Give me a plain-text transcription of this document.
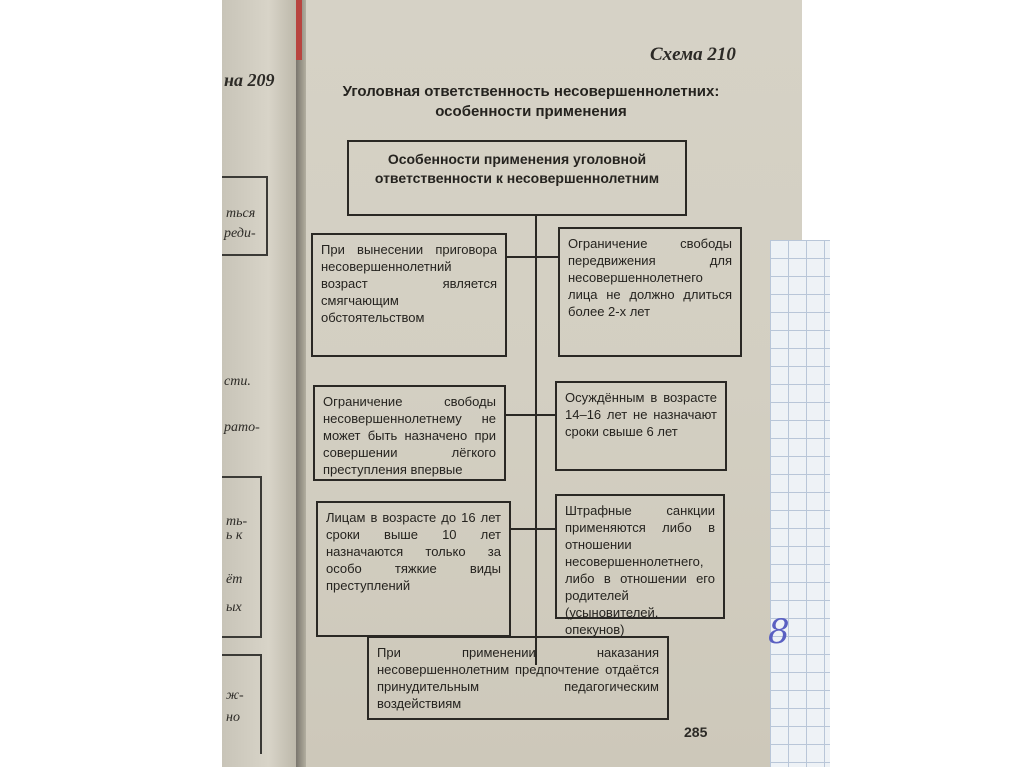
8
на 209
ться
реди-
сти.
рато-
ть-
ь к
ёт
ых
ж-
но
Схема 210
Уголовная ответственность несовершеннолетних: особенности применения
Особенности применения уголовной ответственности к несовершеннолетним
При вынесении приговора несовершеннолетний возраст является смягчающим обстоятельством
Ограничение свободы передвижения для несовершеннолетнего лица не должно длиться более 2-х лет
Ограничение свободы несовершеннолетнему не может быть назначено при совершении лёгкого преступления впервые
Осуждённым в возрасте 14–16 лет не назначают сроки свыше 6 лет
Лицам в возрасте до 16 лет сроки выше 10 лет назначаются только за особо тяжкие виды преступлений
Штрафные санкции применяются либо в отношении несовершеннолетнего, либо в отношении его родителей (усыновителей, опекунов)
При применении наказания несовершеннолетним предпочтение отдаётся принудительным педагогическим воздействиям
285
